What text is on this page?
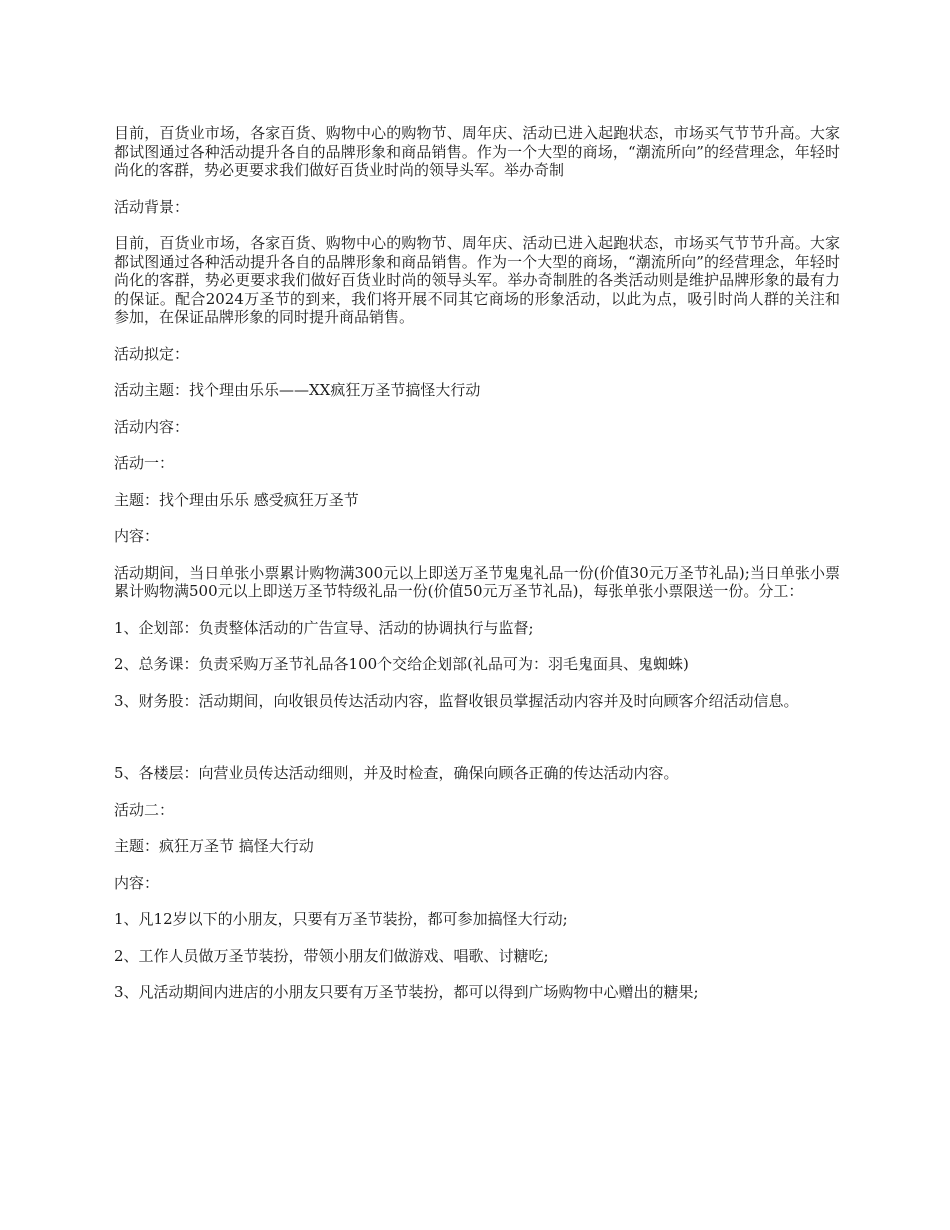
目前，百货业市场，各家百货、购物中心的购物节、周年庆、活动已进入起跑状态，市场买气节节升高。大家都试图通过各种活动提升各自的品牌形象和商品销售。作为一个大型的商场，“潮流所向”的经营理念，年轻时尚化的客群，势必更要求我们做好百货业时尚的领导头军。举办奇制

活动背景：

目前，百货业市场，各家百货、购物中心的购物节、周年庆、活动已进入起跑状态，市场买气节节升高。大家都试图通过各种活动提升各自的品牌形象和商品销售。作为一个大型的商场，“潮流所向”的经营理念，年轻时尚化的客群，势必更要求我们做好百货业时尚的领导头军。举办奇制胜的各类活动则是维护品牌形象的最有力的保证。配合2024万圣节的到来，我们将开展不同其它商场的形象活动，以此为点，吸引时尚人群的关注和参加，在保证品牌形象的同时提升商品销售。

活动拟定：

活动主题：找个理由乐乐——XX疯狂万圣节搞怪大行动

活动内容：

活动一：

主题：找个理由乐乐 感受疯狂万圣节

内容：

活动期间，当日单张小票累计购物满300元以上即送万圣节鬼鬼礼品一份(价值30元万圣节礼品);当日单张小票累计购物满500元以上即送万圣节特级礼品一份(价值50元万圣节礼品)，每张单张小票限送一份。分工：

1、企划部：负责整体活动的广告宣导、活动的协调执行与监督;

2、总务课：负责采购万圣节礼品各100个交给企划部(礼品可为：羽毛鬼面具、鬼蜘蛛)

3、财务股：活动期间，向收银员传达活动内容，监督收银员掌握活动内容并及时向顾客介绍活动信息。

5、各楼层：向营业员传达活动细则，并及时检查，确保向顾各正确的传达活动内容。

活动二：

主题：疯狂万圣节 搞怪大行动

内容：

1、凡12岁以下的小朋友，只要有万圣节装扮，都可参加搞怪大行动;

2、工作人员做万圣节装扮，带领小朋友们做游戏、唱歌、讨糖吃;

3、凡活动期间内进店的小朋友只要有万圣节装扮，都可以得到广场购物中心赠出的糖果;
